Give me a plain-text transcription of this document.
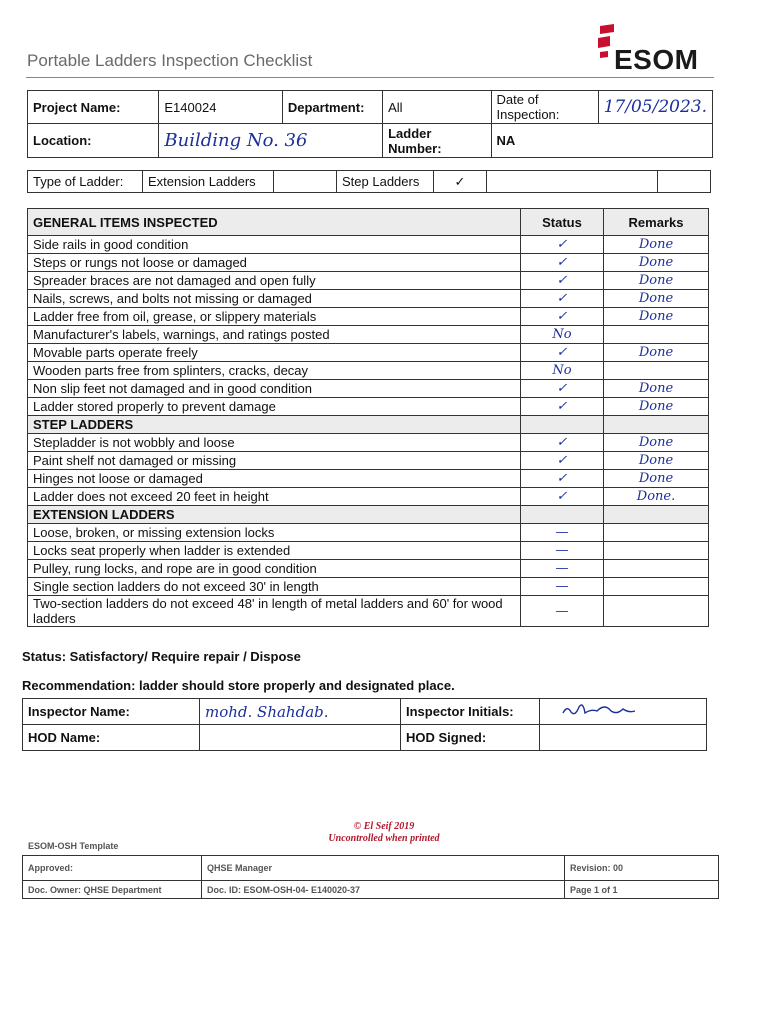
Portable Ladders Inspection Checklist	ESOM
Project Name:	E140024	Department:	All	Date of Inspection:	17/05/2023.
Location:	Building No. 36		Ladder Number:	NA	
Type of Ladder:	Extension Ladders		Step Ladders	✓		
GENERAL ITEMS INSPECTED	Status	Remarks
Side rails in good condition	✓	Done
Steps or rungs not loose or damaged	✓	Done
Spreader braces are not damaged and open fully	✓	Done
Nails, screws, and bolts not missing or damaged	✓	Done
Ladder free from oil, grease, or slippery materials	✓	Done
Manufacturer's labels, warnings, and ratings posted	No	
Movable parts operate freely	✓	Done
Wooden parts free from splinters, cracks, decay	No	
Non slip feet not damaged and in good condition	✓	Done
Ladder stored properly to prevent damage	✓	Done
STEP LADDERS		
Stepladder is not wobbly and loose	✓	Done
Paint shelf not damaged or missing	✓	Done
Hinges not loose or damaged	✓	Done
Ladder does not exceed 20 feet in height	✓	Done.
EXTENSION LADDERS		
Loose, broken, or missing extension locks	—	
Locks seat properly when ladder is extended	—	
Pulley, rung locks, and rope are in good condition	—	
Single section ladders do not exceed 30' in length	—	
Two-section ladders do not exceed 48' in length of metal ladders and 60' for wood ladders	—	
Status: Satisfactory/ Require repair / Dispose
Recommendation: ladder should store properly and designated place.
Inspector Name:	mohd. Shahdab.	Inspector Initials:	
HOD Name:		HOD Signed:	
© El Seif 2019
Uncontrolled when printed
ESOM-OSH Template
Approved:	QHSE Manager	Revision: 00
Doc. Owner: QHSE Department	Doc. ID: ESOM-OSH-04- E140020-37	Page 1 of 1
